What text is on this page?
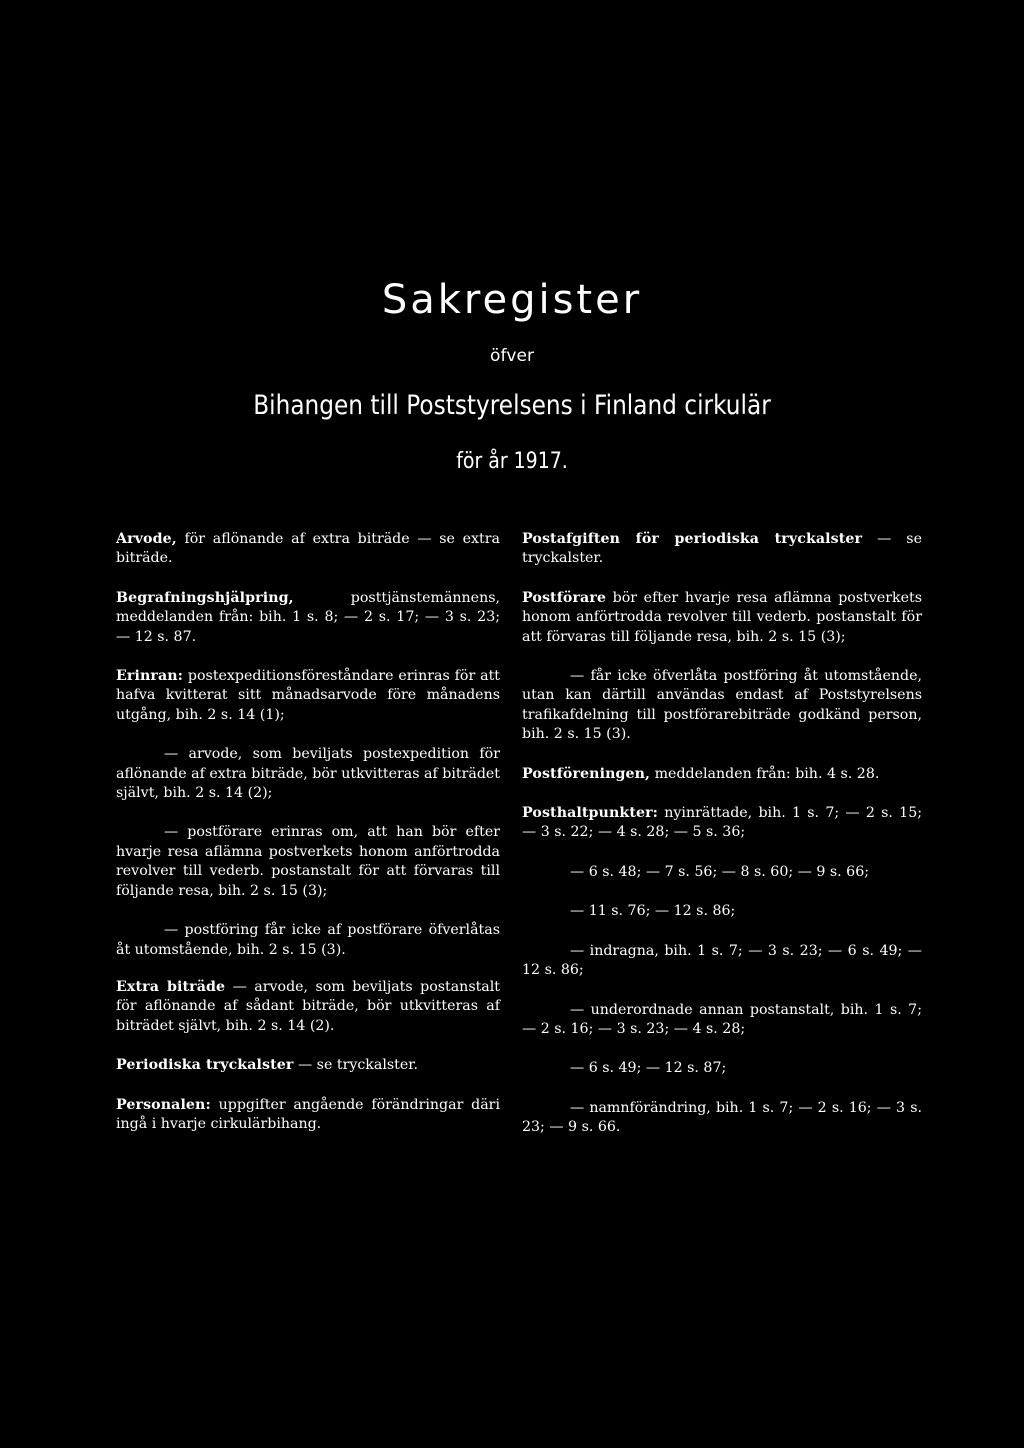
Sakregister
öfver
Bihangen till Poststyrelsens i Finland cirkulär
för år 1917.

Arvode, för aflönande af extra biträde — se extra biträde.

Begrafningshjälpring, posttjänstemännens, meddelanden från: bih. 1 s. 8; — 2 s. 17; — 3 s. 23; — 12 s. 87.

Erinran: postexpeditionsföreståndare erinras för att hafva kvitterat sitt månadsarvode före månadens utgång, bih. 2 s. 14 (1);

— arvode, som beviljats postexpedition för aflönande af extra biträde, bör utkvitteras af biträdet självt, bih. 2 s. 14 (2);

— postförare erinras om, att han bör efter hvarje resa aflämna postverkets honom anförtrodda revolver till vederb. postanstalt för att förvaras till följande resa, bih. 2 s. 15 (3);

— postföring får icke af postförare öfverlåtas åt utomstående, bih. 2 s. 15 (3).

Extra biträde — arvode, som beviljats postanstalt för aflönande af sådant biträde, bör utkvitteras af biträdet självt, bih. 2 s. 14 (2).

Periodiska tryckalster — se tryckalster.

Personalen: uppgifter angående förändringar däri ingå i hvarje cirkulärbihang.

Postafgiften för periodiska tryckalster — se tryckalster.

Postförare bör efter hvarje resa aflämna postverkets honom anförtrodda revolver till vederb. postanstalt för att förvaras till följande resa, bih. 2 s. 15 (3);

— får icke öfverlåta postföring åt utomstående, utan kan därtill användas endast af Poststyrelsens trafikafdelning till postförarebiträde godkänd person, bih. 2 s. 15 (3).

Postföreningen, meddelanden från: bih. 4 s. 28.

Posthaltpunkter: nyinrättade, bih. 1 s. 7; — 2 s. 15; — 3 s. 22; — 4 s. 28; — 5 s. 36;

— 6 s. 48; — 7 s. 56; — 8 s. 60; — 9 s. 66;

— 11 s. 76; — 12 s. 86;

— indragna, bih. 1 s. 7; — 3 s. 23; — 6 s. 49; — 12 s. 86;

— underordnade annan postanstalt, bih. 1 s. 7; — 2 s. 16; — 3 s. 23; — 4 s. 28;

— 6 s. 49; — 12 s. 87;

— namnförändring, bih. 1 s. 7; — 2 s. 16; — 3 s. 23; — 9 s. 66.
